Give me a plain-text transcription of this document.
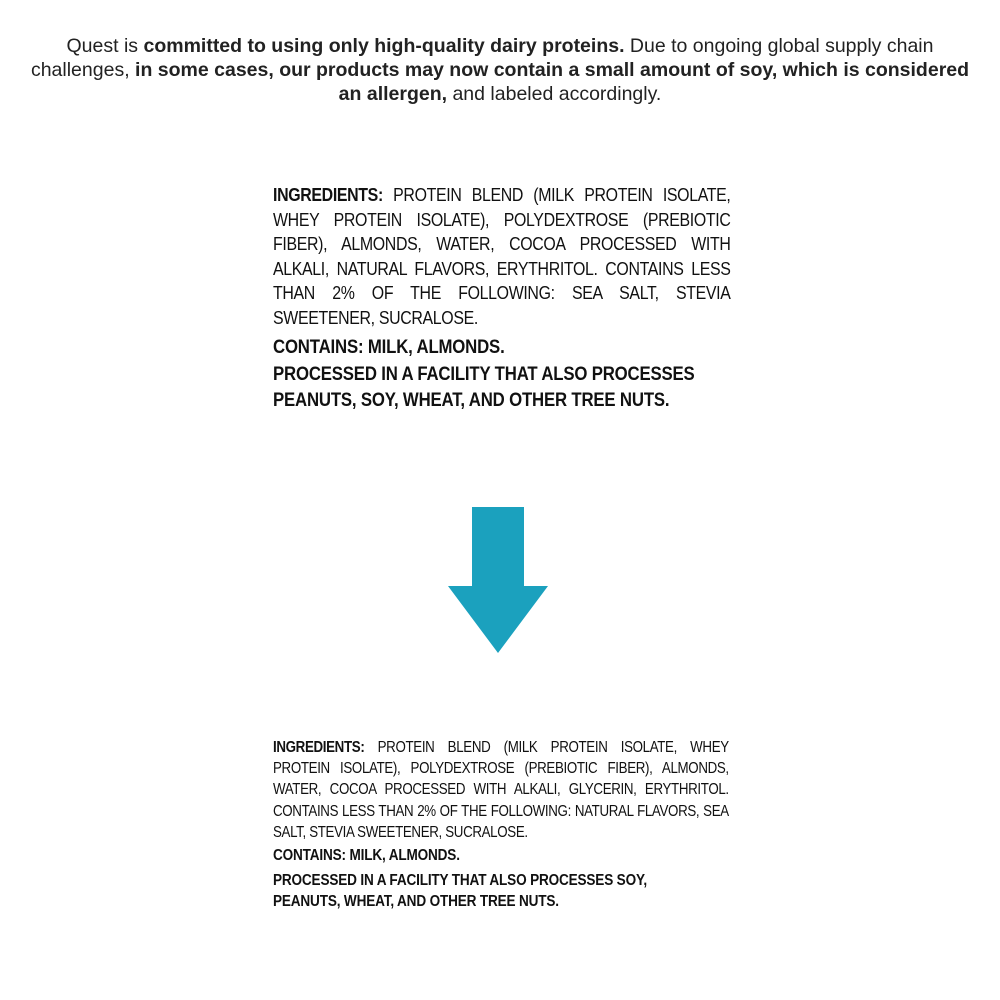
Quest is committed to using only high-quality dairy proteins. Due to ongoing global supply chain challenges, in some cases, our products may now contain a small amount of soy, which is considered an allergen, and labeled accordingly.

INGREDIENTS: PROTEIN BLEND (MILK PROTEIN ISOLATE, WHEY PROTEIN ISOLATE), POLYDEXTROSE (PREBIOTIC FIBER), ALMONDS, WATER, COCOA PROCESSED WITH ALKALI, NATURAL FLAVORS, ERYTHRITOL. CONTAINS LESS THAN 2% OF THE FOLLOWING: SEA SALT, STEVIA SWEETENER, SUCRALOSE.

CONTAINS: MILK, ALMONDS.

PROCESSED IN A FACILITY THAT ALSO PROCESSES

PEANUTS, SOY, WHEAT, AND OTHER TREE NUTS.

INGREDIENTS: PROTEIN BLEND (MILK PROTEIN ISOLATE, WHEY PROTEIN ISOLATE), POLYDEXTROSE (PREBIOTIC FIBER), ALMONDS, WATER, COCOA PROCESSED WITH ALKALI, GLYCERIN, ERYTHRITOL. CONTAINS LESS THAN 2% OF THE FOLLOWING: NATURAL FLAVORS, SEA SALT, STEVIA SWEETENER, SUCRALOSE.

CONTAINS: MILK, ALMONDS.

PROCESSED IN A FACILITY THAT ALSO PROCESSES SOY,

PEANUTS, WHEAT, AND OTHER TREE NUTS.
